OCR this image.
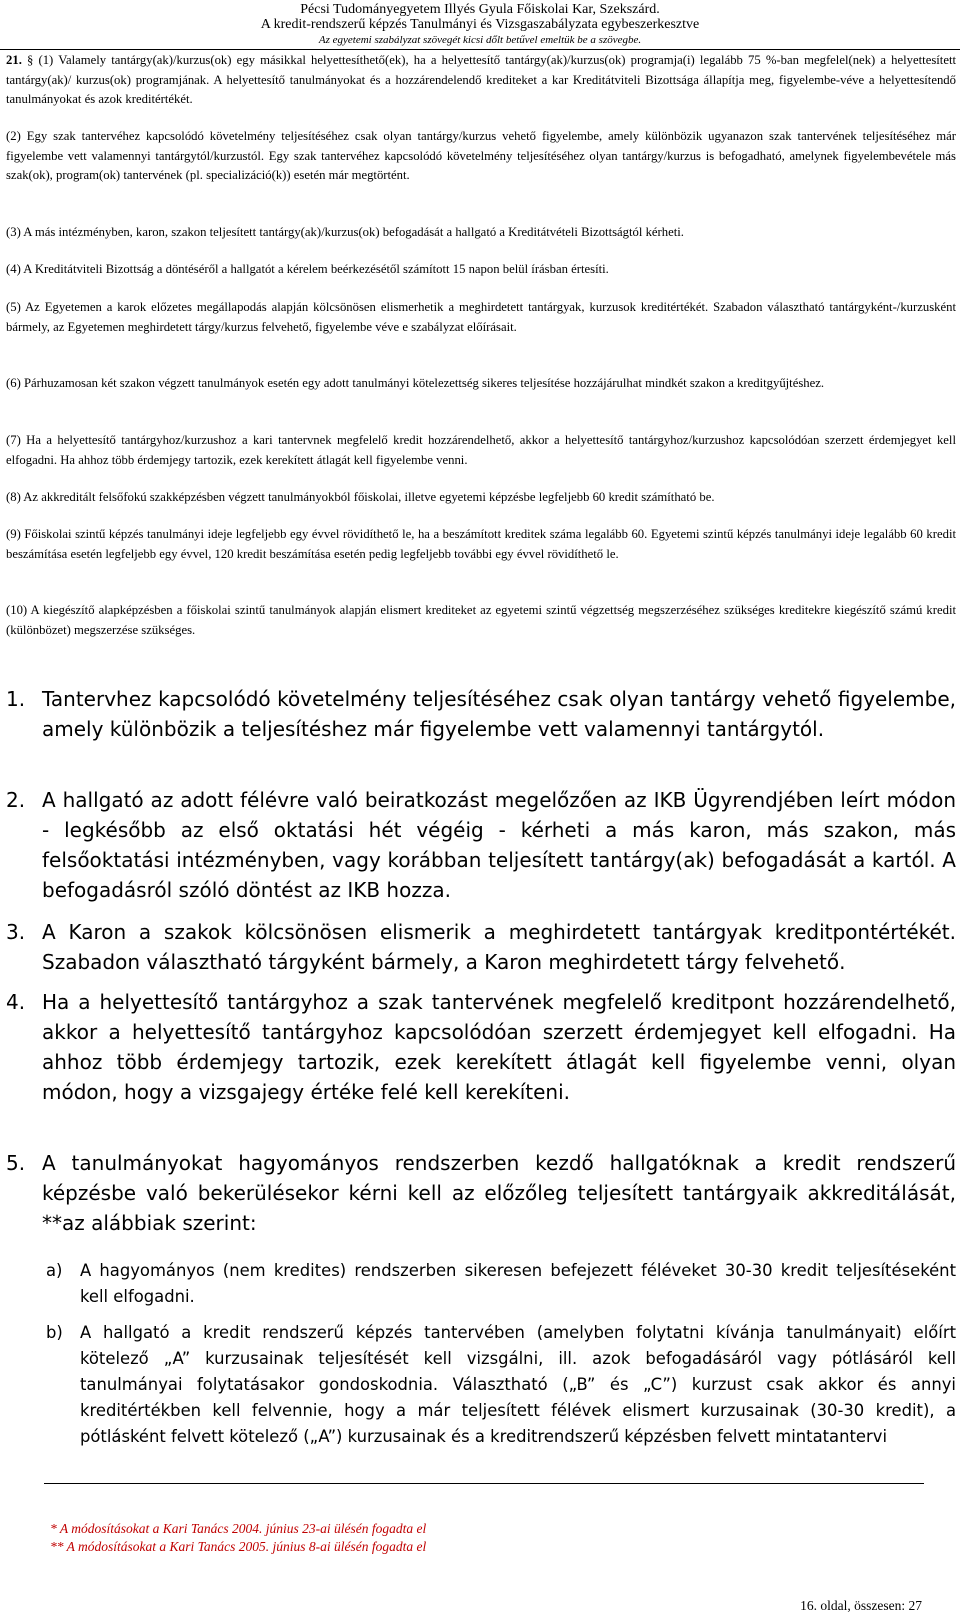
Pécsi Tudományegyetem Illyés Gyula Főiskolai Kar, Szekszárd.
A kredit-rendszerű képzés Tanulmányi és Vizsgaszabályzata egybeszerkesztve
Az egyetemi szabályzat szövegét kicsi dőlt betűvel emeltük be a szövegbe.
21. § (1) Valamely tantárgy(ak)/kurzus(ok) egy másikkal helyettesíthető(ek), ha a helyettesítő tantárgy(ak)/kurzus(ok) programja(i) legalább 75 %-ban megfelel(nek) a helyettesített tantárgy(ak)/ kurzus(ok) programjának. A helyettesítő tanulmányokat és a hozzárendelendő krediteket a kar Kreditátviteli Bizottsága állapítja meg, figyelembe-véve a helyettesítendő tanulmányokat és azok kreditértékét.
(2) Egy szak tantervéhez kapcsolódó követelmény teljesítéséhez csak olyan tantárgy/kurzus vehető figyelembe, amely különbözik ugyanazon szak tantervének teljesítéséhez már figyelembe vett valamennyi tantárgytól/kurzustól. Egy szak tantervéhez kapcsolódó követelmény teljesítéséhez olyan tantárgy/kurzus is befogadható, amelynek figyelembevétele más szak(ok), program(ok) tantervének (pl. specializáció(k)) esetén már megtörtént.
(3) A más intézményben, karon, szakon teljesített tantárgy(ak)/kurzus(ok) befogadását a hallgató a Kreditátvételi Bizottságtól kérheti.
(4) A Kreditátviteli Bizottság a döntéséről a hallgatót a kérelem beérkezésétől számított 15 napon belül írásban értesíti.
(5) Az Egyetemen a karok előzetes megállapodás alapján kölcsönösen elismerhetik a meghirdetett tantárgyak, kurzusok kreditértékét. Szabadon választható tantárgyként-/kurzusként bármely, az Egyetemen meghirdetett tárgy/kurzus felvehető, figyelembe véve e szabályzat előírásait.
(6) Párhuzamosan két szakon végzett tanulmányok esetén egy adott tanulmányi kötelezettség sikeres teljesítése hozzájárulhat mindkét szakon a kreditgyűjtéshez.
(7) Ha a helyettesítő tantárgyhoz/kurzushoz a kari tantervnek megfelelő kredit hozzárendelhető, akkor a helyettesítő tantárgyhoz/kurzushoz kapcsolódóan szerzett érdemjegyet kell elfogadni. Ha ahhoz több érdemjegy tartozik, ezek kerekített átlagát kell figyelembe venni.
(8) Az akkreditált felsőfokú szakképzésben végzett tanulmányokból főiskolai, illetve egyetemi képzésbe legfeljebb 60 kredit számítható be.
(9) Főiskolai szintű képzés tanulmányi ideje legfeljebb egy évvel rövidíthető le, ha a beszámított kreditek száma legalább 60. Egyetemi szintű képzés tanulmányi ideje legalább 60 kredit beszámítása esetén legfeljebb egy évvel, 120 kredit beszámítása esetén pedig legfeljebb további egy évvel rövidíthető le.
(10) A kiegészítő alapképzésben a főiskolai szintű tanulmányok alapján elismert krediteket az egyetemi szintű végzettség megszerzéséhez szükséges kreditekre kiegészítő számú kredit (különbözet) megszerzése szükséges.
1. Tantervhez kapcsolódó követelmény teljesítéséhez csak olyan tantárgy vehető figyelembe, amely különbözik a teljesítéshez már figyelembe vett valamennyi tantárgytól.
2. A hallgató az adott félévre való beiratkozást megelőzően az IKB Ügyrendjében leírt módon - legkésőbb az első oktatási hét végéig - kérheti a más karon, más szakon, más felsőoktatási intézményben, vagy korábban teljesített tantárgy(ak) befogadását a kartól. A befogadásról szóló döntést az IKB hozza.
3. A Karon a szakok kölcsönösen elismerik a meghirdetett tantárgyak kreditpontértékét. Szabadon választható tárgyként bármely, a Karon meghirdetett tárgy felvehető.
4. Ha a helyettesítő tantárgyhoz a szak tantervének megfelelő kreditpont hozzárendelhető, akkor a helyettesítő tantárgyhoz kapcsolódóan szerzett érdemjegyet kell elfogadni. Ha ahhoz több érdemjegy tartozik, ezek kerekített átlagát kell figyelembe venni, olyan módon, hogy a vizsgajegy értéke felé kell kerekíteni.
5. A tanulmányokat hagyományos rendszerben kezdő hallgatóknak a kredit rendszerű képzésbe való bekerülésekor kérni kell az előzőleg teljesített tantárgyaik akkreditálását, **az alábbiak szerint:
a) A hagyományos (nem kredites) rendszerben sikeresen befejezett féléveket 30-30 kredit teljesítéseként kell elfogadni.
b) A hallgató a kredit rendszerű képzés tantervében (amelyben folytatni kívánja tanulmányait) előírt kötelező „A” kurzusainak teljesítését kell vizsgálni, ill. azok befogadásáról vagy pótlásáról kell tanulmányai folytatásakor gondoskodnia. Választható („B” és „C”) kurzust csak akkor és annyi kreditértékben kell felvennie, hogy a már teljesített félévek elismert kurzusainak (30-30 kredit), a pótlásként felvett kötelező („A”) kurzusainak és a kreditrendszerű képzésben felvett mintatantervi
* A módosításokat a Kari Tanács 2004. június 23-ai ülésén fogadta el
** A módosításokat a Kari Tanács 2005. június 8-ai ülésén fogadta el
16. oldal, összesen: 27
